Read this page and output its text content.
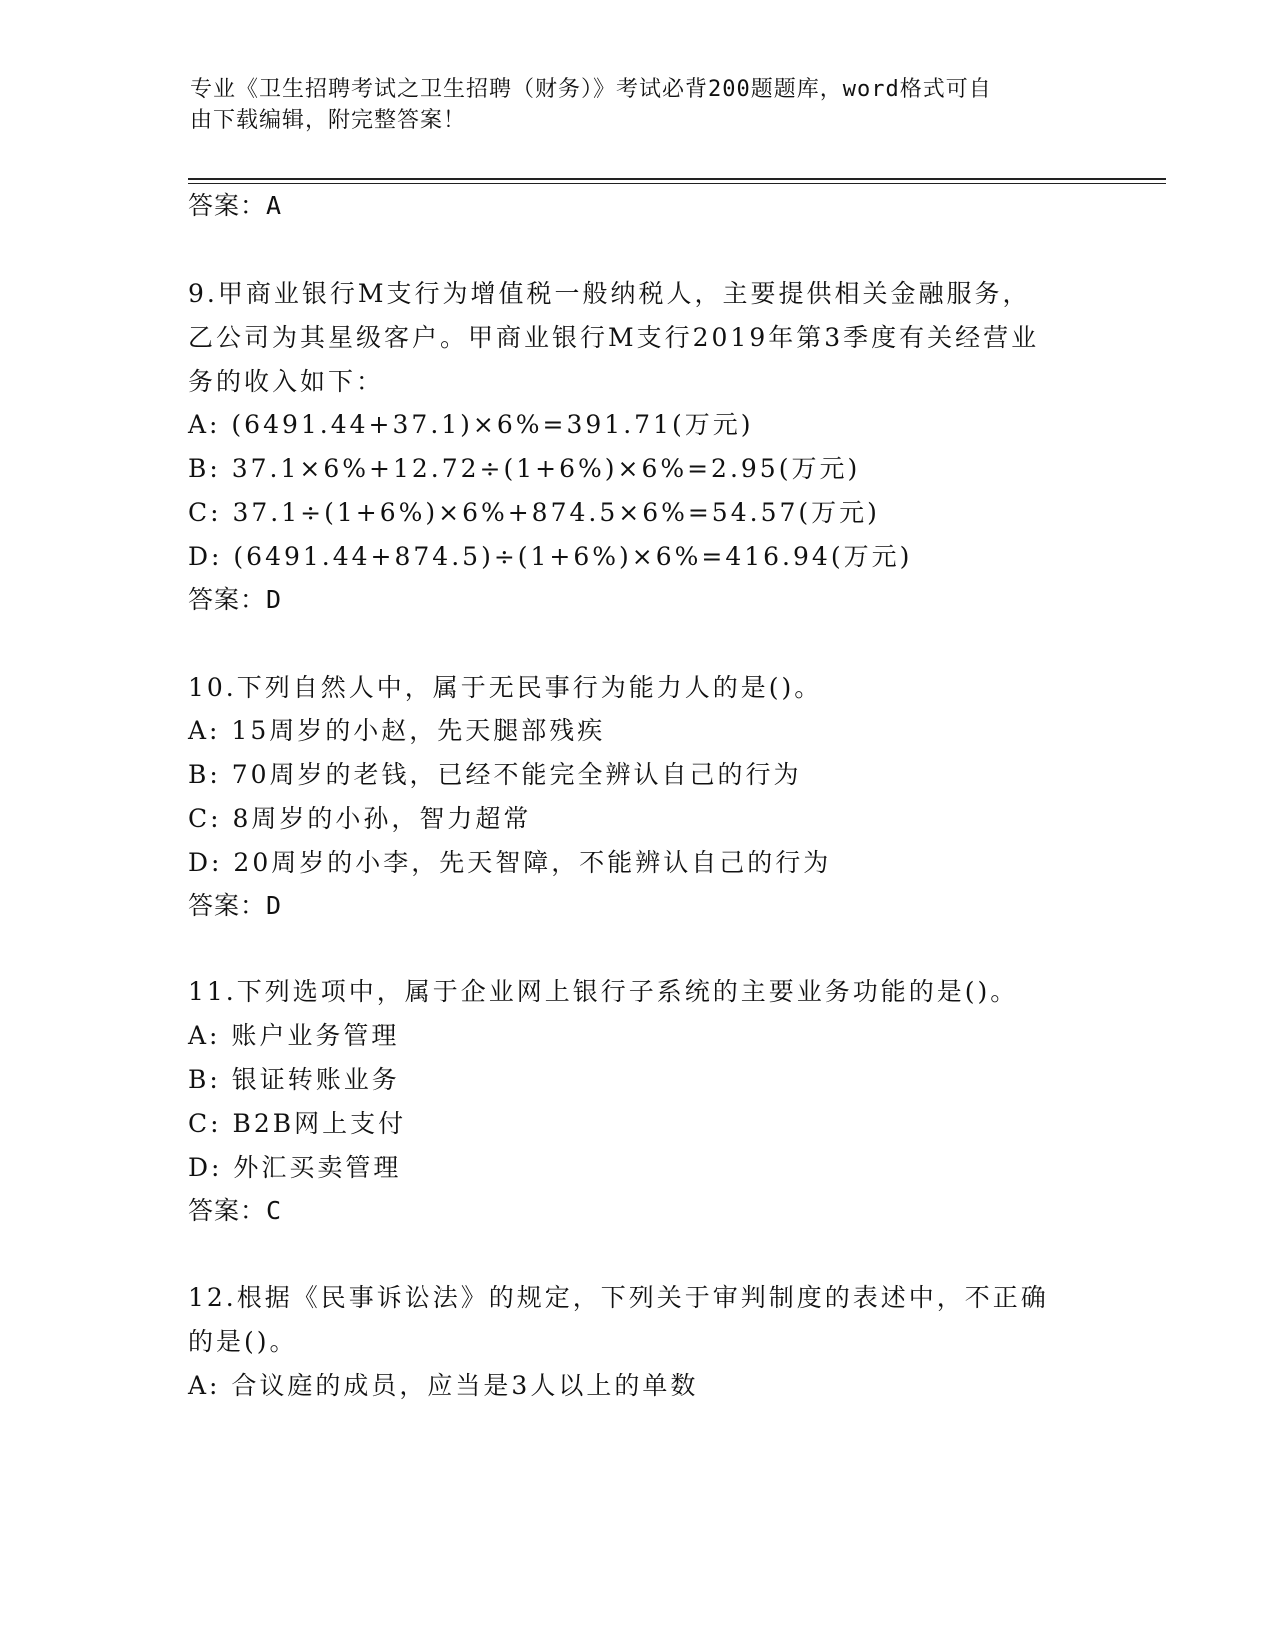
专业《卫生招聘考试之卫生招聘（财务）》考试必背200题题库，word格式可自
由下载编辑，附完整答案！
答案：A
9.甲商业银行M支行为增值税一般纳税人，主要提供相关金融服务，
乙公司为其星级客户。甲商业银行M支行2019年第3季度有关经营业
务的收入如下：
A: (6491.44+37.1)×6%=391.71(万元)
B: 37.1×6%+12.72÷(1+6%)×6%=2.95(万元)
C: 37.1÷(1+6%)×6%+874.5×6%=54.57(万元)
D: (6491.44+874.5)÷(1+6%)×6%=416.94(万元)
答案：D
10.下列自然人中，属于无民事行为能力人的是()。
A: 15周岁的小赵，先天腿部残疾
B: 70周岁的老钱，已经不能完全辨认自己的行为
C: 8周岁的小孙，智力超常
D: 20周岁的小李，先天智障，不能辨认自己的行为
答案：D
11.下列选项中，属于企业网上银行子系统的主要业务功能的是()。
A: 账户业务管理
B: 银证转账业务
C: B2B网上支付
D: 外汇买卖管理
答案：C
12.根据《民事诉讼法》的规定，下列关于审判制度的表述中，不正确
的是()。
A: 合议庭的成员，应当是3人以上的单数
